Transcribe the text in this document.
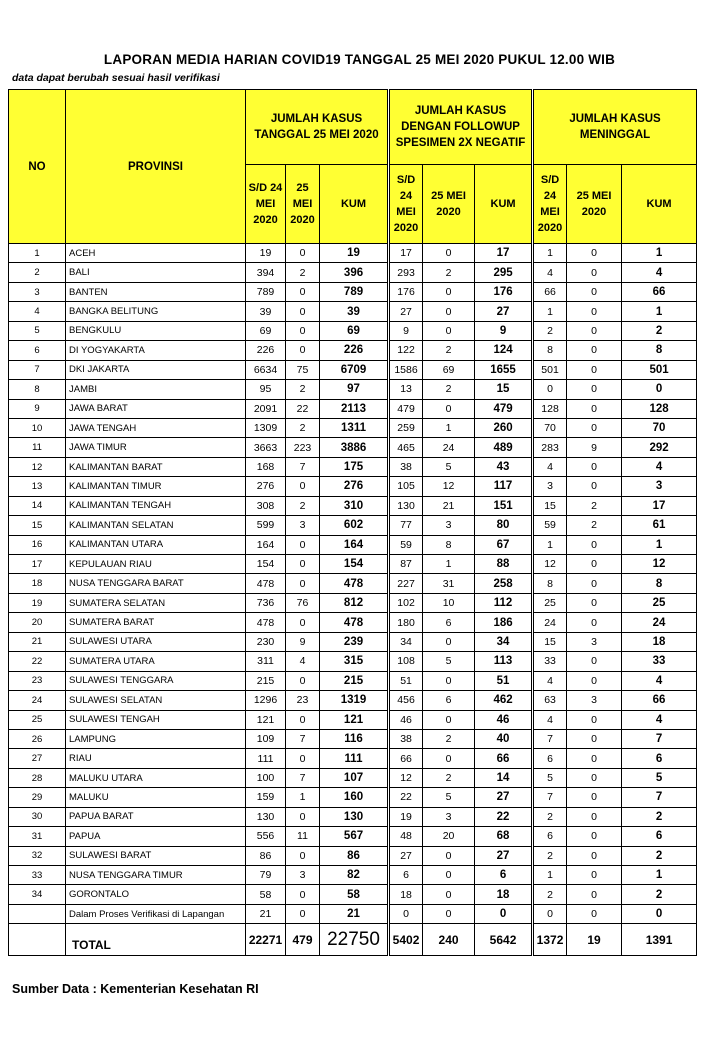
LAPORAN MEDIA HARIAN COVID19 TANGGAL 25 MEI 2020 PUKUL 12.00 WIB
data dapat berubah sesuai hasil verifikasi
NO	PROVINSI	JUMLAH KASUS TANGGAL 25 MEI 2020			JUMLAH KASUS DENGAN FOLLOWUP SPESIMEN 2X NEGATIF			JUMLAH KASUS MENINGGAL		
		S/D 24 MEI 2020	25 MEI 2020	KUM	S/D 24 MEI 2020	25 MEI 2020	KUM	S/D 24 MEI 2020	25 MEI 2020	KUM
1	ACEH	19	0	19	17	0	17	1	0	1
2	BALI	394	2	396	293	2	295	4	0	4
3	BANTEN	789	0	789	176	0	176	66	0	66
4	BANGKA BELITUNG	39	0	39	27	0	27	1	0	1
5	BENGKULU	69	0	69	9	0	9	2	0	2
6	DI YOGYAKARTA	226	0	226	122	2	124	8	0	8
7	DKI JAKARTA	6634	75	6709	1586	69	1655	501	0	501
8	JAMBI	95	2	97	13	2	15	0	0	0
9	JAWA BARAT	2091	22	2113	479	0	479	128	0	128
10	JAWA TENGAH	1309	2	1311	259	1	260	70	0	70
11	JAWA TIMUR	3663	223	3886	465	24	489	283	9	292
12	KALIMANTAN BARAT	168	7	175	38	5	43	4	0	4
13	KALIMANTAN TIMUR	276	0	276	105	12	117	3	0	3
14	KALIMANTAN TENGAH	308	2	310	130	21	151	15	2	17
15	KALIMANTAN SELATAN	599	3	602	77	3	80	59	2	61
16	KALIMANTAN UTARA	164	0	164	59	8	67	1	0	1
17	KEPULAUAN RIAU	154	0	154	87	1	88	12	0	12
18	NUSA TENGGARA BARAT	478	0	478	227	31	258	8	0	8
19	SUMATERA SELATAN	736	76	812	102	10	112	25	0	25
20	SUMATERA BARAT	478	0	478	180	6	186	24	0	24
21	SULAWESI UTARA	230	9	239	34	0	34	15	3	18
22	SUMATERA UTARA	311	4	315	108	5	113	33	0	33
23	SULAWESI TENGGARA	215	0	215	51	0	51	4	0	4
24	SULAWESI SELATAN	1296	23	1319	456	6	462	63	3	66
25	SULAWESI TENGAH	121	0	121	46	0	46	4	0	4
26	LAMPUNG	109	7	116	38	2	40	7	0	7
27	RIAU	111	0	111	66	0	66	6	0	6
28	MALUKU UTARA	100	7	107	12	2	14	5	0	5
29	MALUKU	159	1	160	22	5	27	7	0	7
30	PAPUA BARAT	130	0	130	19	3	22	2	0	2
31	PAPUA	556	11	567	48	20	68	6	0	6
32	SULAWESI BARAT	86	0	86	27	0	27	2	0	2
33	NUSA TENGGARA TIMUR	79	3	82	6	0	6	1	0	1
34	GORONTALO	58	0	58	18	0	18	2	0	2
	Dalam Proses Verifikasi di Lapangan	21	0	21	0	0	0	0	0	0
	TOTAL	22271	479	22750	5402	240	5642	1372	19	1391
Sumber Data : Kementerian Kesehatan RI
